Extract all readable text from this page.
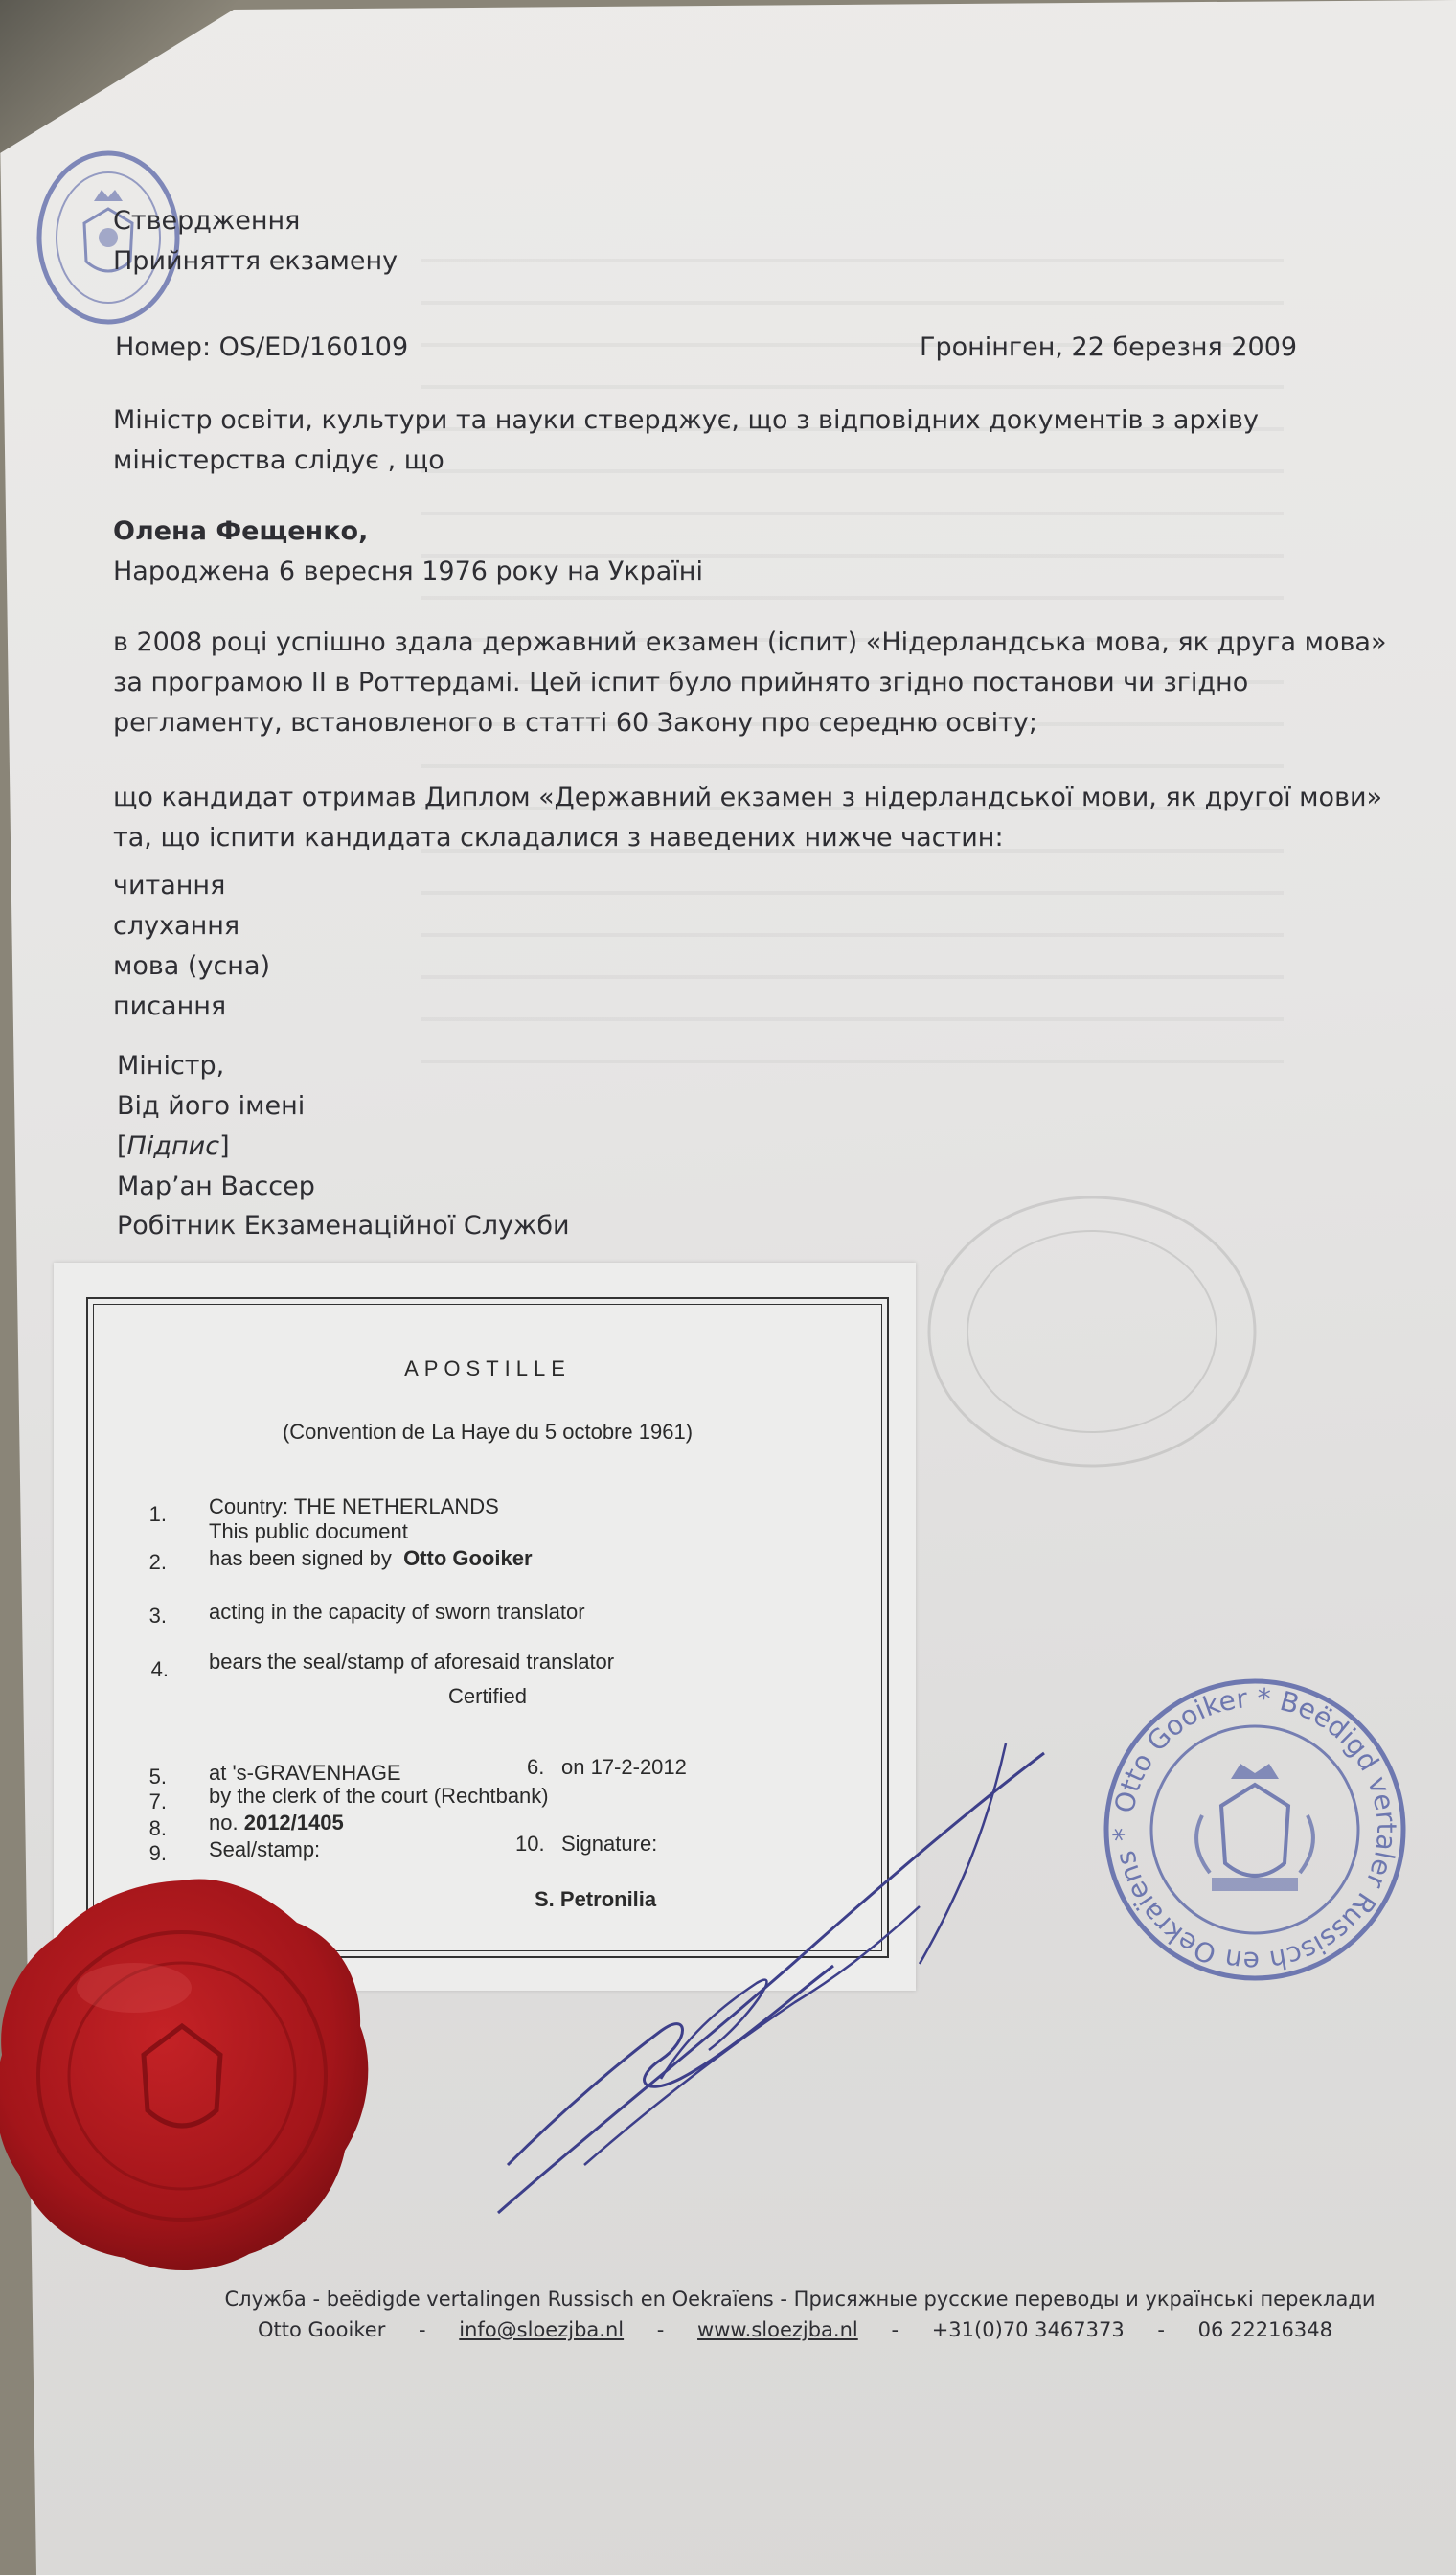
Ствердження
Прийняття екзамену
Номер: OS/ED/160109	Гронінген, 22 березня 2009
Міністр освіти, культури та науки стверджує, що з відповідних документів з архіву міністерства слідує , що
Олена Фещенко,
Народжена 6 вересня 1976 року на Україні
в 2008 році успішно здала державний екзамен (іспит) «Нідерландська мова, як друга мова» за програмою II в Роттердамі. Цей іспит було прийнято згідно постанови чи згідно регламенту, встановленого в статті 60 Закону про середню освіту;
що кандидат отримав Диплом «Державний екзамен з нідерландської мови, як другої мови» та, що іспити кандидата складалися з наведених нижче частин:
читання
слухання
мова (усна)
писання
Міністр,
Від його імені
[Підпис]
Мар’ан Вассер
Робітник Екзаменаційної Служби
APOSTILLE
(Convention de La Haye du 5 octobre 1961)
1. Country: THE NETHERLANDS
This public document
2. has been signed by Otto Gooiker
3. acting in the capacity of sworn translator
4. bears the seal/stamp of aforesaid translator
Certified
5. at 's-GRAVENHAGE	6. on 17-2-2012
7. by the clerk of the court (Rechtbank)
8. no. 2012/1405
9. Seal/stamp:	10. Signature:
S. Petronilia
Otto Gooiker * Beëdigd vertaler Russisch en Oekraïens *
Служба - beëdigde vertalingen Russisch en Oekraïens - Присяжные русские переводы и українські переклади
Otto Gooiker - info@sloezjba.nl - www.sloezjba.nl - +31(0)70 3467373 - 06 22216348
